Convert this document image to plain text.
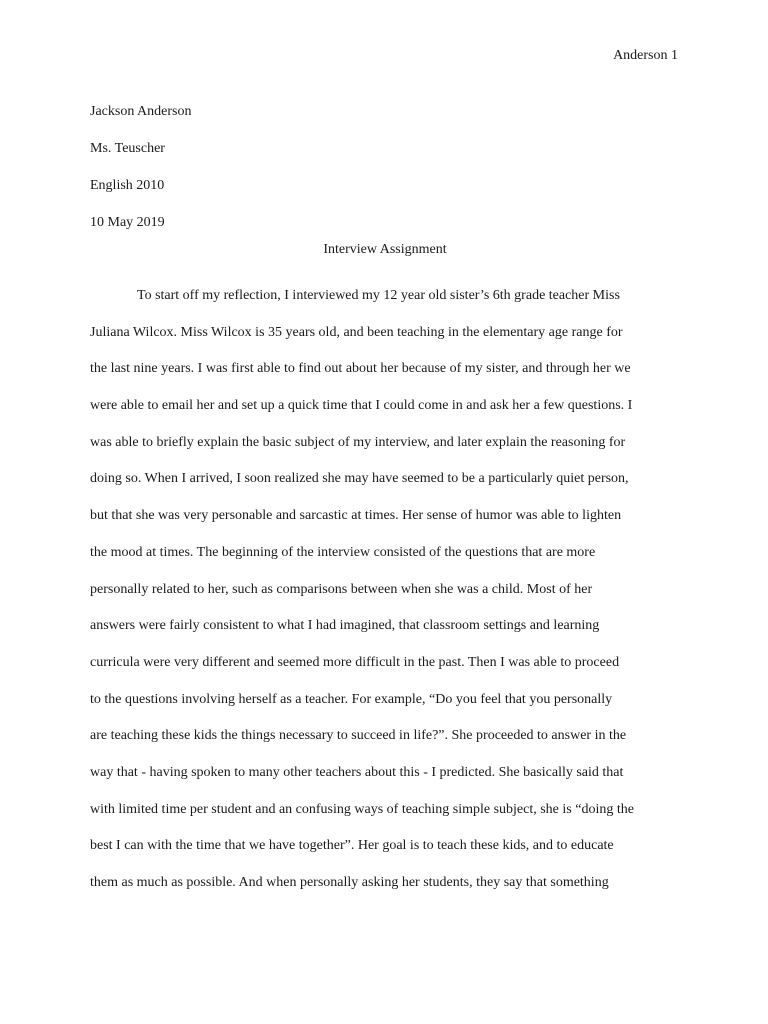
Anderson 1
Jackson Anderson
Ms. Teuscher
English 2010
10 May 2019
Interview Assignment
To start off my reflection, I interviewed my 12 year old sister’s 6th grade teacher Miss
Juliana Wilcox. Miss Wilcox is 35 years old, and been teaching in the elementary age range for
the last nine years. I was first able to find out about her because of my sister, and through her we
were able to email her and set up a quick time that I could come in and ask her a few questions. I
was able to briefly explain the basic subject of my interview, and later explain the reasoning for
doing so. When I arrived, I soon realized she may have seemed to be a particularly quiet person,
but that she was very personable and sarcastic at times. Her sense of humor was able to lighten
the mood at times. The beginning of the interview consisted of the questions that are more
personally related to her, such as comparisons between when she was a child. Most of her
answers were fairly consistent to what I had imagined, that classroom settings and learning
curricula were very different and seemed more difficult in the past. Then I was able to proceed
to the questions involving herself as a teacher. For example, “Do you feel that you personally
are teaching these kids the things necessary to succeed in life?”. She proceeded to answer in the
way that - having spoken to many other teachers about this - I predicted. She basically said that
with limited time per student and an confusing ways of teaching simple subject, she is “doing the
best I can with the time that we have together”. Her goal is to teach these kids, and to educate
them as much as possible. And when personally asking her students, they say that something
